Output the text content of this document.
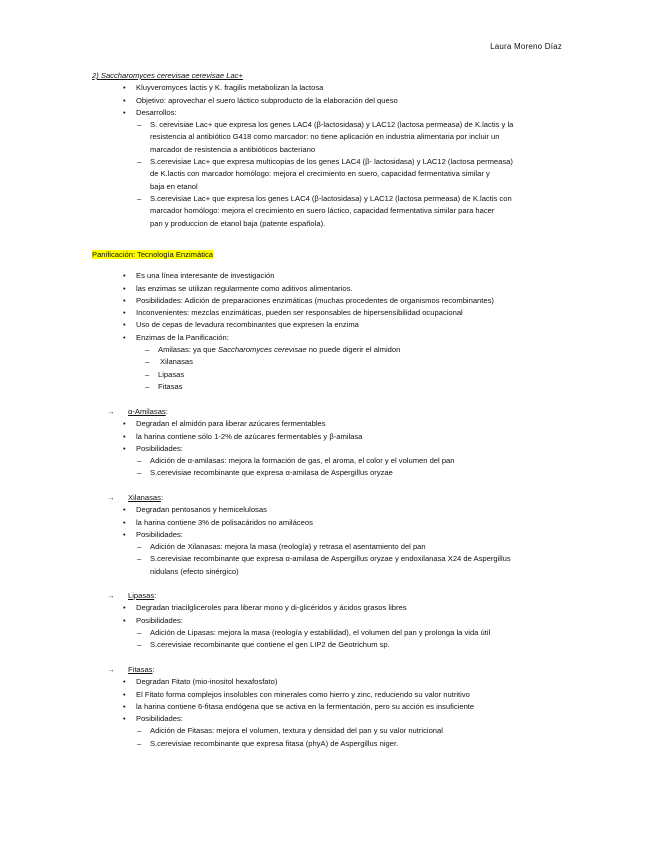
Laura Moreno Díaz
2) Saccharomyces cerevisae cerevisae Lac+
• Kluyveromyces lactis y K. fragilis metabolizan la lactosa
• Objetivo: aprovechar el suero láctico subproducto de la elaboración del queso
• Desarrollos:
– S. cerevisiae Lac+ que expresa los genes LAC4 (β-lactosidasa) y LAC12 (lactosa permeasa) de K.lactis y la
resistencia al antibiótico G418 como marcador: no tiene aplicación en industria alimentaria por incluir un
marcador de resistencia a antibióticos bacteriano
– S.cerevisiae Lac+ que expresa multicopias de los genes LAC4 (β- lactosidasa) y LAC12 (lactosa permeasa)
de K.lactis con marcador homólogo: mejora el crecimiento en suero, capacidad fermentativa similar y
baja en etanol
– S.cerevisiae Lac+ que expresa los genes LAC4 (β-lactosidasa) y LAC12 (lactosa permeasa) de K.lactis con
marcador homólogo: mejora el crecimiento en suero láctico, capacidad fermentativa similar para hacer
pan y produccion de etanol baja (patente española).
Panificación: Tecnología Enzimática
• Es una línea interesante de investigación
• las enzimas se utilizan regularmente como aditivos alimentarios.
• Posibilidades: Adición de preparaciones enzimáticas (muchas procedentes de organismos recombinantes)
• Inconvenientes: mezclas enzimáticas, pueden ser responsables de hipersensibilidad ocupacional
• Uso de cepas de levadura recombinantes que expresen la enzima
• Enzimas de la Panificación:
– Amilasas: ya que Saccharomyces cerevisae no puede digerir el almidon
– Xilanasas
– Lipasas
– Fitasas
→ α-Amilasas:
• Degradan el almidón para liberar azúcares fermentables
• la harina contiene sólo 1-2% de azúcares fermentables y β-amilasa
• Posibilidades:
– Adición de α-amilasas: mejora la formación de gas, el aroma, el color y el volumen del pan
– S.cerevisiae recombinante que expresa α-amilasa de Aspergillus oryzae
→ Xilanasas:
• Degradan pentosanos y hemicelulosas
• la harina contiene 3% de polisacáridos no amiláceos
• Posibilidades:
– Adición de Xilanasas: mejora la masa (reología) y retrasa el asentamiento del pan
– S.cerevisiae recombinante que expresa α-amilasa de Aspergillus oryzae y endoxilanasa X24 de Aspergillus
nidulans (efecto sinérgico)
→ Lipasas:
• Degradan triacilgliceroles para liberar mono y di-glicéridos y ácidos grasos libres
• Posibilidades:
– Adición de Lipasas: mejora la masa (reología y estabilidad), el volumen del pan y prolonga la vida útil
– S.cerevisiae recombinante que contiene el gen LIP2 de Geotrichum sp.
→ Fitasas:
• Degradan Fitato (mio-inositol hexafosfato)
• El Fitato forma complejos insolubles con minerales como hierro y zinc, reduciendo su valor nutritivo
• la harina contiene 6-fitasa endógena que se activa en la fermentación, pero su acción es insuficiente
• Posibilidades:
– Adición de Fitasas: mejora el volumen, textura y densidad del pan y su valor nutricional
– S.cerevisiae recombinante que expresa fitasa (phyA) de Aspergillus niger.
